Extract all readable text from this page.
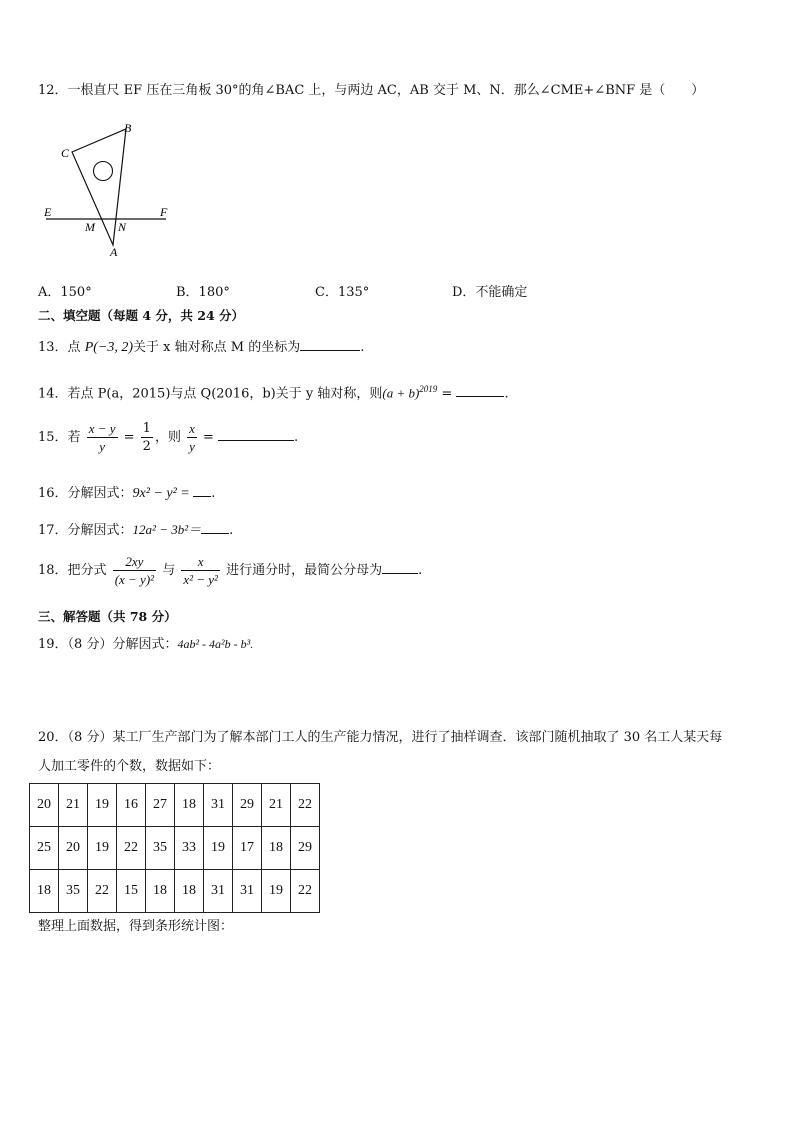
12．一根直尺 EF 压在三角板 30°的角∠BAC 上，与两边 AC，AB 交于 M、N．那么∠CME+∠BNF 是（　　）
B
C
E	F
M N
A
A．150°	B．180°	C．135°	D．不能确定
二、填空题（每题 4 分，共 24 分）
13．点 P(−3, 2)关于 x 轴对称点 M 的坐标为	.
14．若点 P(a，2015)与点 Q(2016，b)关于 y 轴对称，则$(a + b)^{2019}$ =	.
15．若 $\frac{x - y}{y} = \frac{1}{2}$ ，则 $\frac{x}{y}$ =	.
16．分解因式：9x² − y² = .
17．分解因式：12a² − 3b²＝ .
18．把分式 $\frac{2xy}{\text{(x − y)²}}$ 与 $\frac{x}{\text{x² − y²}}$ 进行通分时，最简公分母为	.
三、解答题（共 78 分）
19．（8 分）分解因式：4ab² - 4a²b - b³.
20．（8 分）某工厂生产部门为了解本部门工人的生产能力情况，进行了抽样调查．该部门随机抽取了 30 名工人某天每
人加工零件的个数，数据如下：
20	21	19	16	27	18	31	29	21	22
25	20	19	22	35	33	19	17	18	29
18	35	22	15	18	18	31	31	19	22
整理上面数据，得到条形统计图：
